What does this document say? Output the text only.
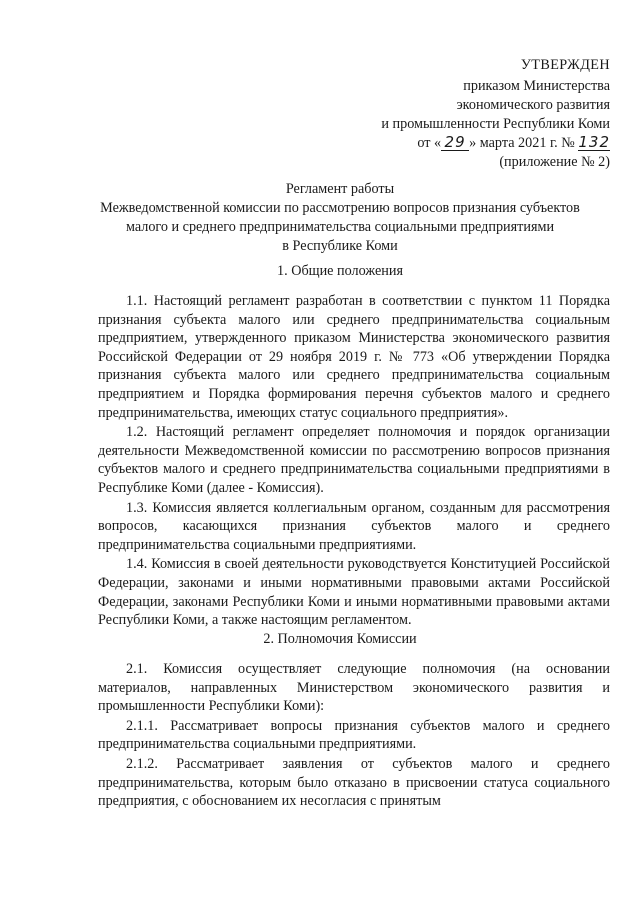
УТВЕРЖДЕН
приказом Министерства
экономического развития
и промышленности Республики Коми
от « 29 » марта 2021 г. № 132
(приложение № 2)
Регламент работы
Межведомственной комиссии по рассмотрению вопросов признания субъектов
малого и среднего предпринимательства социальными предприятиями
в Республике Коми
1. Общие положения

1.1. Настоящий регламент разработан в соответствии с пунктом 11 Порядка признания субъекта малого или среднего предпринимательства социальным предприятием, утвержденного приказом Министерства экономического развития Российской Федерации от 29 ноября 2019 г. № 773 «Об утверждении Порядка признания субъекта малого или среднего предпринимательства социальным предприятием и Порядка формирования перечня субъектов малого и среднего предпринимательства, имеющих статус социального предприятия».

1.2. Настоящий регламент определяет полномочия и порядок организации деятельности Межведомственной комиссии по рассмотрению вопросов признания субъектов малого и среднего предпринимательства социальными предприятиями в Республике Коми (далее - Комиссия).

1.3. Комиссия является коллегиальным органом, созданным для рассмотрения вопросов, касающихся признания субъектов малого и среднего предпринимательства социальными предприятиями.

1.4. Комиссия в своей деятельности руководствуется Конституцией Российской Федерации, законами и иными нормативными правовыми актами Российской Федерации, законами Республики Коми и иными нормативными правовыми актами Республики Коми, а также настоящим регламентом.

2. Полномочия Комиссии

2.1. Комиссия осуществляет следующие полномочия (на основании материалов, направленных Министерством экономического развития и промышленности Республики Коми):

2.1.1. Рассматривает вопросы признания субъектов малого и среднего предпринимательства социальными предприятиями.

2.1.2. Рассматривает заявления от субъектов малого и среднего предпринимательства, которым было отказано в присвоении статуса социального предприятия, с обоснованием их несогласия с принятым
